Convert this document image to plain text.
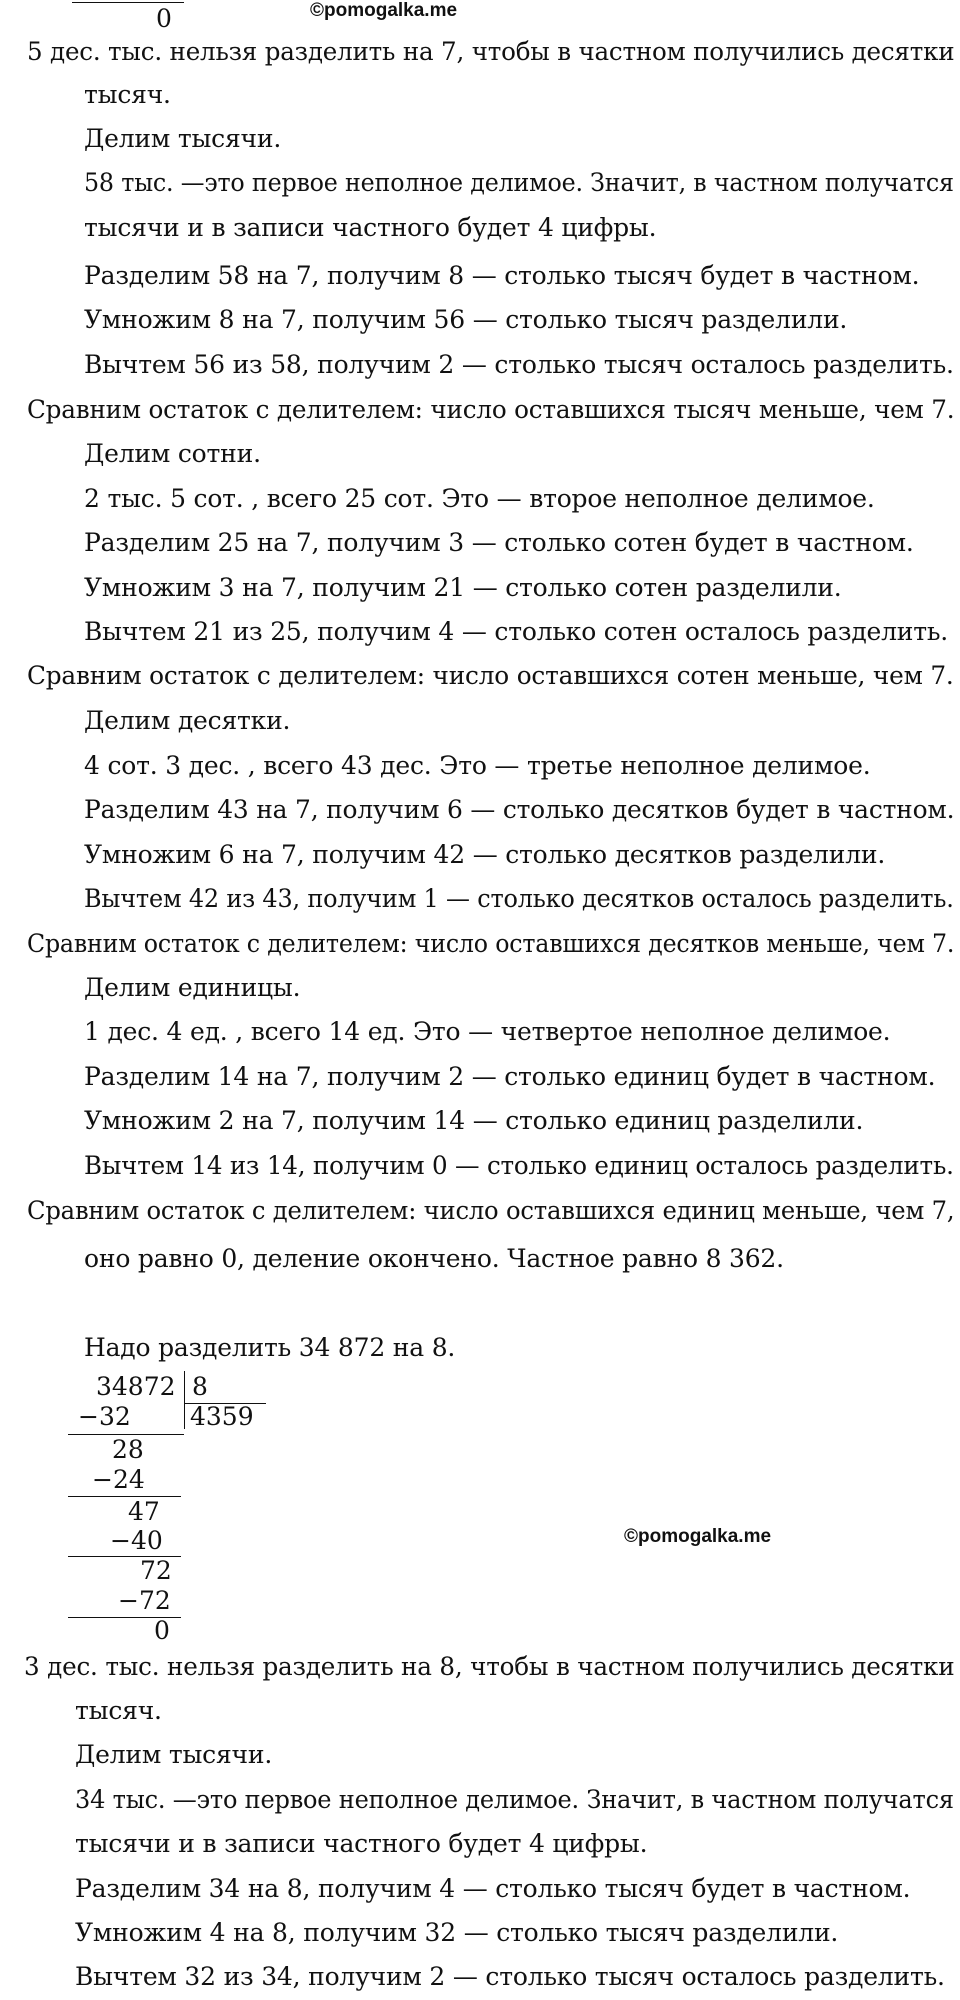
0	©pomogalka.me
5 дес. тыс. нельзя разделить на 7, чтобы в частном получились десятки
тысяч.
Делим тысячи.
58 тыс. —это первое неполное делимое. Значит, в частном получатся
тысячи и в записи частного будет 4 цифры.
Разделим 58 на 7, получим 8 — столько тысяч будет в частном.
Умножим 8 на 7, получим 56 — столько тысяч разделили.
Вычтем 56 из 58, получим 2 — столько тысяч осталось разделить.
Сравним остаток с делителем: число оставшихся тысяч меньше, чем 7.
Делим сотни.
2 тыс. 5 сот. , всего 25 сот. Это — второе неполное делимое.
Разделим 25 на 7, получим 3 — столько сотен будет в частном.
Умножим 3 на 7, получим 21 — столько сотен разделили.
Вычтем 21 из 25, получим 4 — столько сотен осталось разделить.
Сравним остаток с делителем: число оставшихся сотен меньше, чем 7.
Делим десятки.
4 сот. 3 дес. , всего 43 дес. Это — третье неполное делимое.
Разделим 43 на 7, получим 6 — столько десятков будет в частном.
Умножим 6 на 7, получим 42 — столько десятков разделили.
Вычтем 42 из 43, получим 1 — столько десятков осталось разделить.
Сравним остаток с делителем: число оставшихся десятков меньше, чем 7.
Делим единицы.
1 дес. 4 ед. , всего 14 ед. Это — четвертое неполное делимое.
Разделим 14 на 7, получим 2 — столько единиц будет в частном.
Умножим 2 на 7, получим 14 — столько единиц разделили.
Вычтем 14 из 14, получим 0 — столько единиц осталось разделить.
Сравним остаток с делителем: число оставшихся единиц меньше, чем 7,
оно равно 0, деление окончено. Частное равно 8 362.
Надо разделить 34 872 на 8.
34872 8
4359
−32
28
−24
47
−40
72
−72
0
©pomogalka.me
3 дес. тыс. нельзя разделить на 8, чтобы в частном получились десятки
тысяч.
Делим тысячи.
34 тыс. —это первое неполное делимое. Значит, в частном получатся
тысячи и в записи частного будет 4 цифры.
Разделим 34 на 8, получим 4 — столько тысяч будет в частном.
Умножим 4 на 8, получим 32 — столько тысяч разделили.
Вычтем 32 из 34, получим 2 — столько тысяч осталось разделить.
